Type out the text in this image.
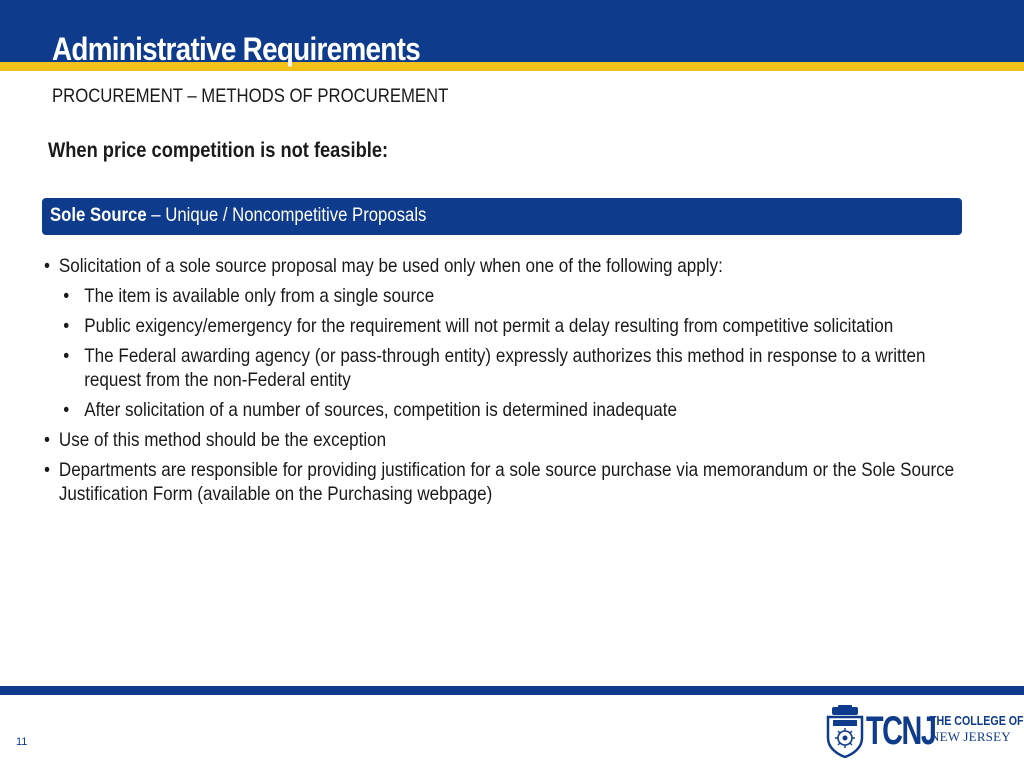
Administrative Requirements
PROCUREMENT – METHODS OF PROCUREMENT
When price competition is not feasible:
Sole Source – Unique / Noncompetitive Proposals
• Solicitation of a sole source proposal may be used only when one of the following apply:
• The item is available only from a single source
• Public exigency/emergency for the requirement will not permit a delay resulting from competitive solicitation
• The Federal awarding agency (or pass-through entity) expressly authorizes this method in response to a written request from the non-Federal entity
• After solicitation of a number of sources, competition is determined inadequate
• Use of this method should be the exception
• Departments are responsible for providing justification for a sole source purchase via memorandum or the Sole Source Justification Form (available on the Purchasing webpage)
11	TCNJ
THE COLLEGE OF
NEW JERSEY
